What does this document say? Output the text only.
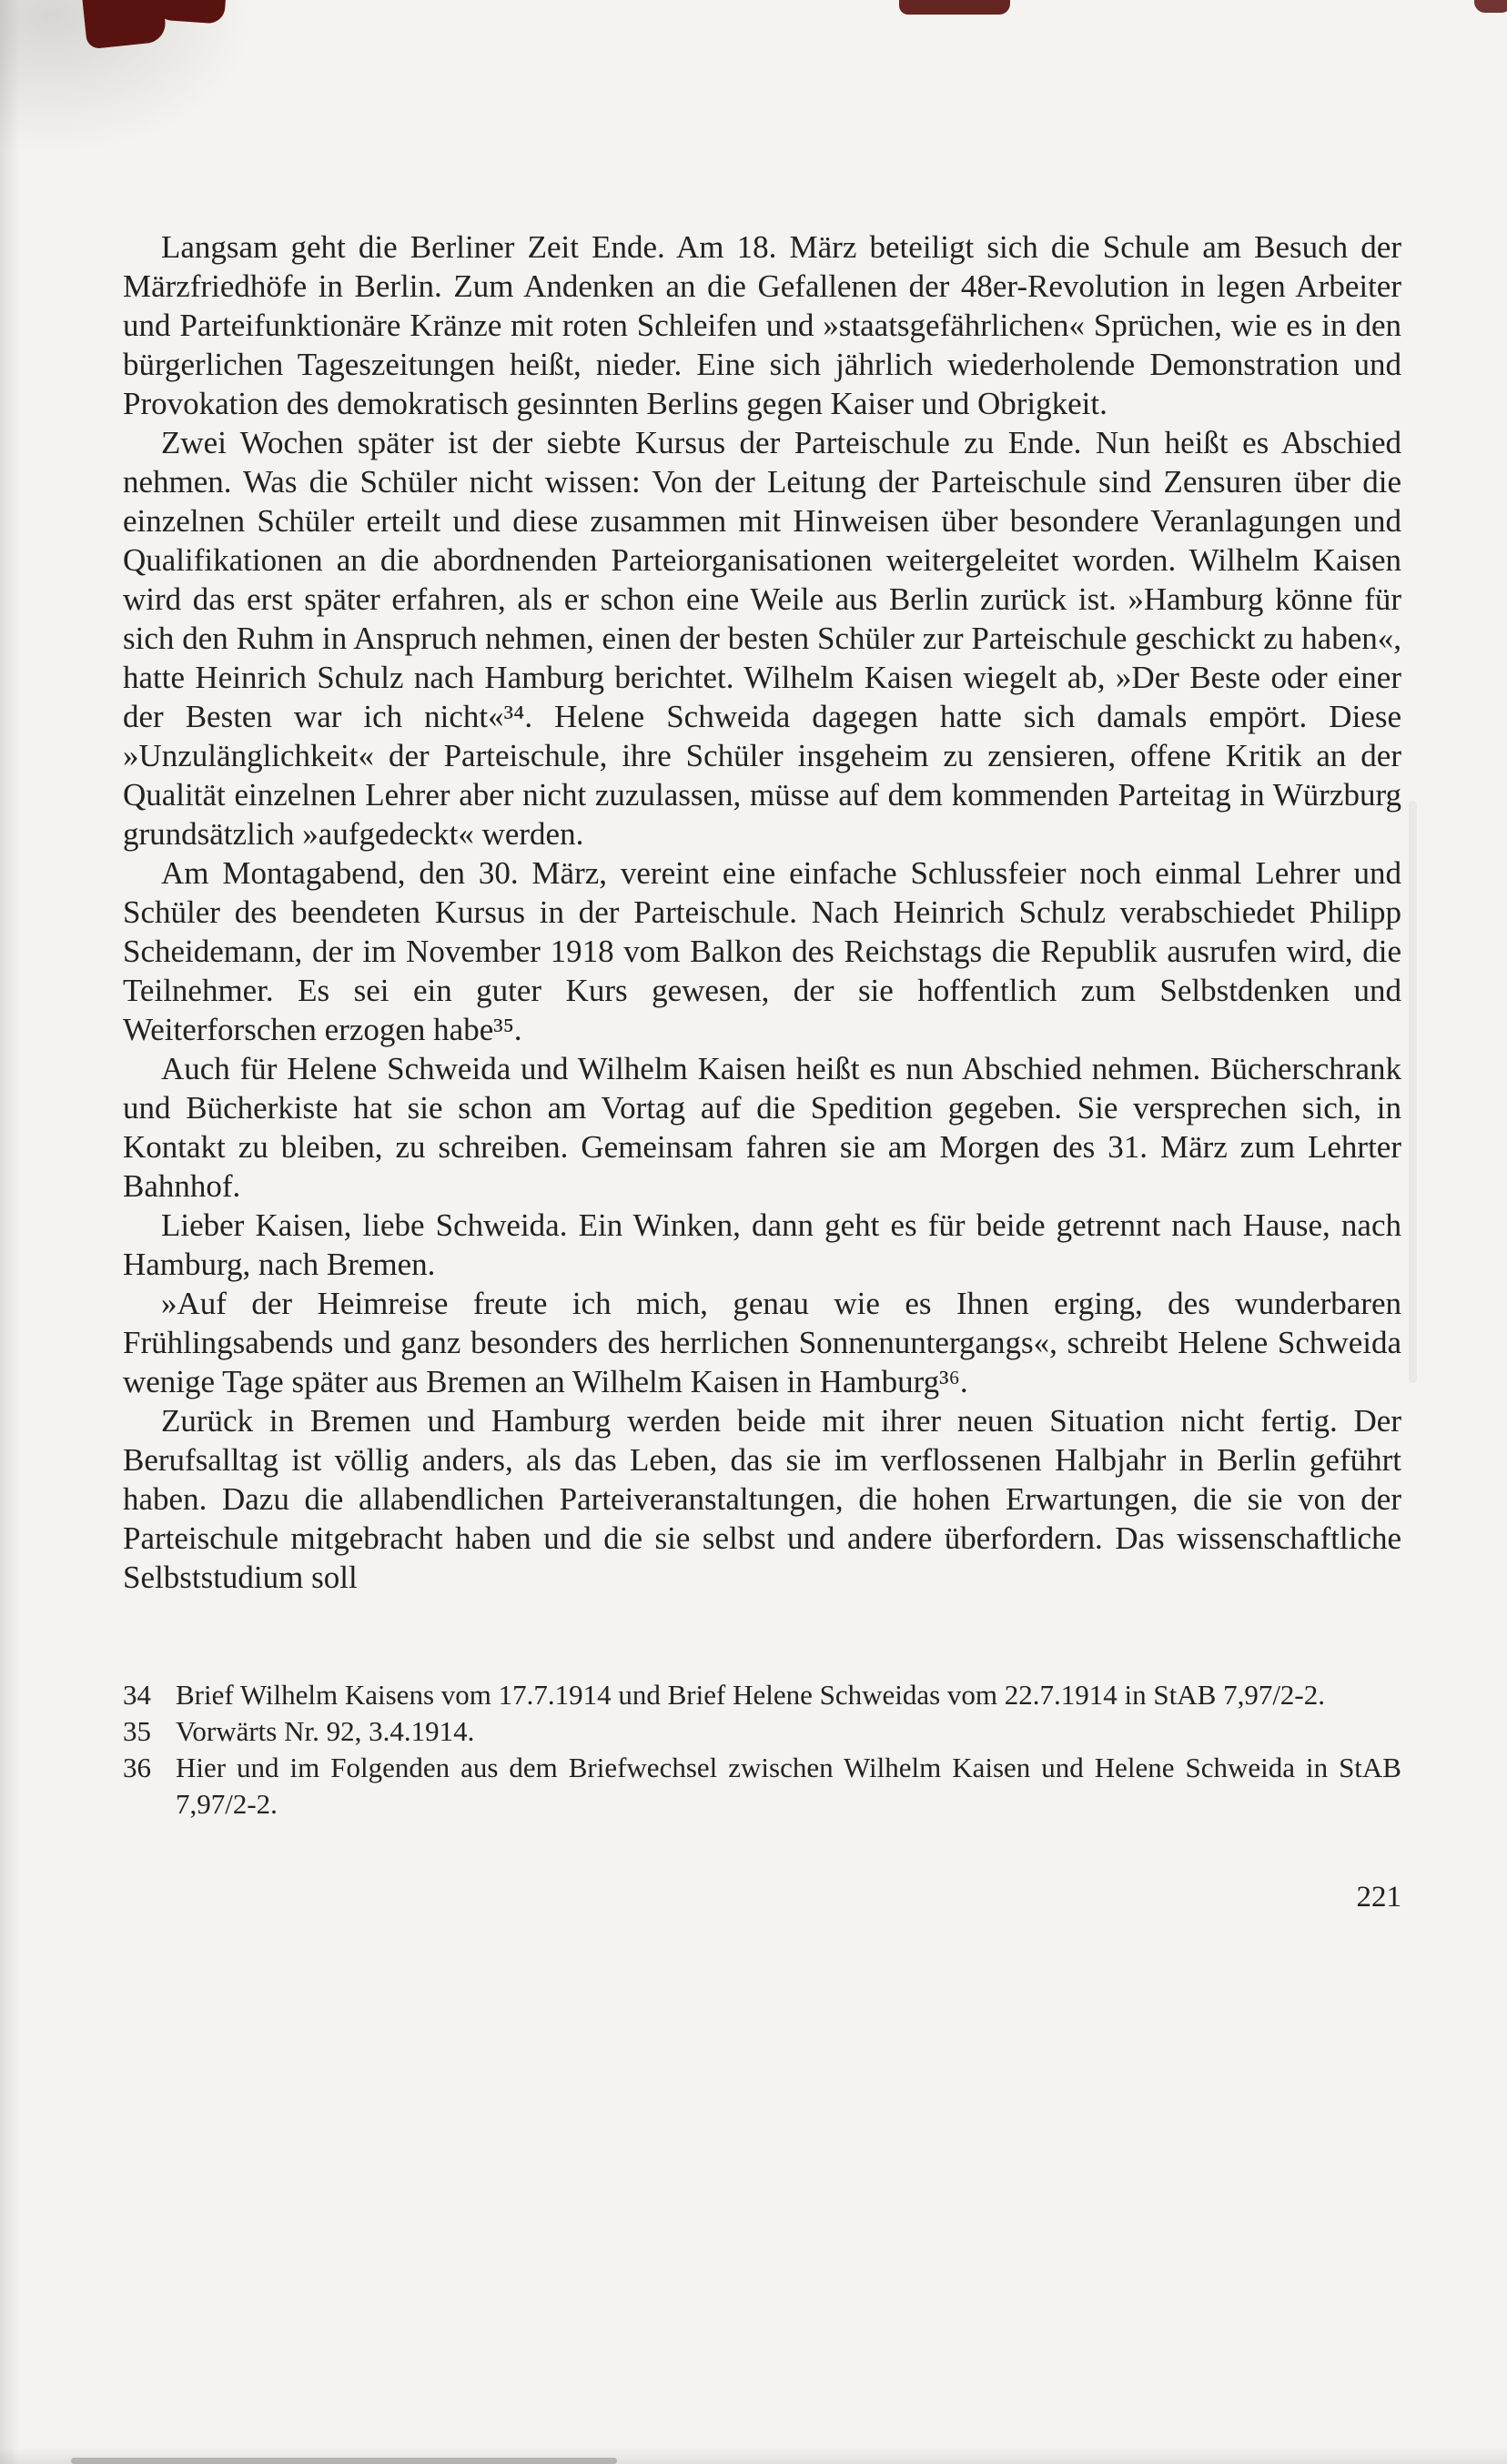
Langsam geht die Berliner Zeit Ende. Am 18. März beteiligt sich die Schule am Besuch der Märzfriedhöfe in Berlin. Zum Andenken an die Gefallenen der 48er-Revolution in legen Arbeiter und Parteifunktionäre Kränze mit roten Schleifen und »staatsgefährlichen« Sprüchen, wie es in den bürgerlichen Tageszeitungen heißt, nieder. Eine sich jährlich wiederholende Demonstration und Provokation des demokratisch gesinnten Berlins gegen Kaiser und Obrigkeit.

Zwei Wochen später ist der siebte Kursus der Parteischule zu Ende. Nun heißt es Abschied nehmen. Was die Schüler nicht wissen: Von der Leitung der Parteischule sind Zensuren über die einzelnen Schüler erteilt und diese zusammen mit Hinweisen über besondere Veranlagungen und Qualifikationen an die abordnenden Parteiorganisationen weitergeleitet worden. Wilhelm Kaisen wird das erst später erfahren, als er schon eine Weile aus Berlin zurück ist. »Hamburg könne für sich den Ruhm in Anspruch nehmen, einen der besten Schüler zur Parteischule geschickt zu haben«, hatte Heinrich Schulz nach Hamburg berichtet. Wilhelm Kaisen wiegelt ab, »Der Beste oder einer der Besten war ich nicht«³⁴. Helene Schweida dagegen hatte sich damals empört. Diese »Unzulänglichkeit« der Parteischule, ihre Schüler insgeheim zu zensieren, offene Kritik an der Qualität einzelnen Lehrer aber nicht zuzulassen, müsse auf dem kommenden Parteitag in Würzburg grundsätzlich »aufgedeckt« werden.

Am Montagabend, den 30. März, vereint eine einfache Schlussfeier noch einmal Lehrer und Schüler des beendeten Kursus in der Parteischule. Nach Heinrich Schulz verabschiedet Philipp Scheidemann, der im November 1918 vom Balkon des Reichstags die Republik ausrufen wird, die Teilnehmer. Es sei ein guter Kurs gewesen, der sie hoffentlich zum Selbstdenken und Weiterforschen erzogen habe³⁵.

Auch für Helene Schweida und Wilhelm Kaisen heißt es nun Abschied nehmen. Bücherschrank und Bücherkiste hat sie schon am Vortag auf die Spedition gegeben. Sie versprechen sich, in Kontakt zu bleiben, zu schreiben. Gemeinsam fahren sie am Morgen des 31. März zum Lehrter Bahnhof.

Lieber Kaisen, liebe Schweida. Ein Winken, dann geht es für beide getrennt nach Hause, nach Hamburg, nach Bremen.

»Auf der Heimreise freute ich mich, genau wie es Ihnen erging, des wunderbaren Frühlingsabends und ganz besonders des herrlichen Sonnenuntergangs«, schreibt Helene Schweida wenige Tage später aus Bremen an Wilhelm Kaisen in Hamburg³⁶.

Zurück in Bremen und Hamburg werden beide mit ihrer neuen Situation nicht fertig. Der Berufsalltag ist völlig anders, als das Leben, das sie im verflossenen Halbjahr in Berlin geführt haben. Dazu die allabendlichen Parteiveranstaltungen, die hohen Erwartungen, die sie von der Parteischule mitgebracht haben und die sie selbst und andere überfordern. Das wissenschaftliche Selbststudium soll

34 Brief Wilhelm Kaisens vom 17.7.1914 und Brief Helene Schweidas vom 22.7.1914 in StAB 7,97/2-2.
35 Vorwärts Nr. 92, 3.4.1914.
36 Hier und im Folgenden aus dem Briefwechsel zwischen Wilhelm Kaisen und Helene Schweida in StAB 7,97/2-2.
221
